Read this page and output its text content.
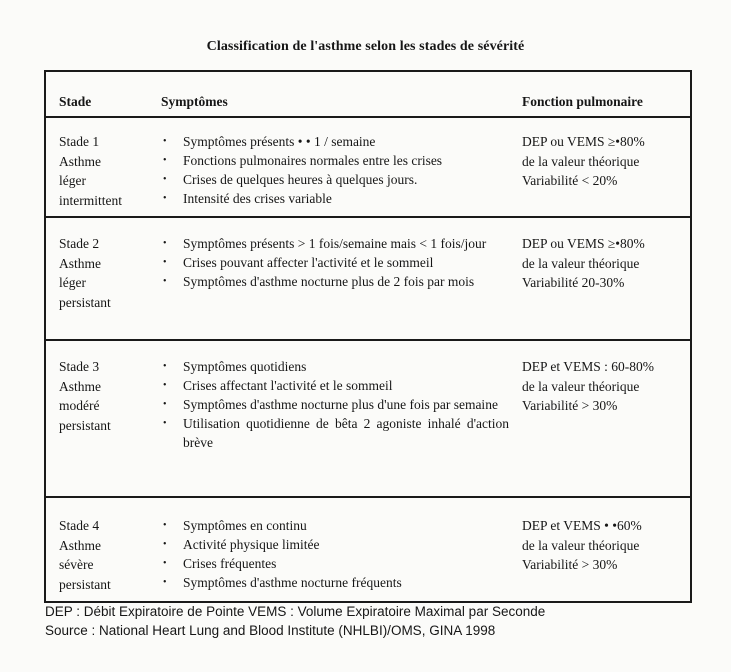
Classification de l'asthme selon les stades de sévérité
Stade	Symptômes	Fonction pulmonaire
Stade 1
Asthme
léger
intermittent
• Symptômes présents • • 1 / semaine
• Fonctions pulmonaires normales entre les crises
• Crises de quelques heures à quelques jours.
• Intensité des crises variable
DEP ou VEMS ≥•80%
de la valeur théorique
Variabilité < 20%
Stade 2
Asthme
léger
persistant
• Symptômes présents > 1 fois/semaine mais < 1 fois/jour
• Crises pouvant affecter l'activité et le sommeil
• Symptômes d'asthme nocturne plus de 2 fois par mois
DEP ou VEMS ≥•80%
de la valeur théorique
Variabilité 20-30%
Stade 3
Asthme
modéré
persistant
• Symptômes quotidiens
• Crises affectant l'activité et le sommeil
• Symptômes d'asthme nocturne plus d'une fois par semaine
• Utilisation quotidienne de bêta 2 agoniste inhalé d'action brève
DEP et VEMS : 60-80%
de la valeur théorique
Variabilité > 30%
Stade 4
Asthme
sévère
persistant
• Symptômes en continu
• Activité physique limitée
• Crises fréquentes
• Symptômes d'asthme nocturne fréquents
DEP et VEMS • •60%
de la valeur théorique
Variabilité > 30%
DEP : Débit Expiratoire de Pointe VEMS : Volume Expiratoire Maximal par Seconde
Source : National Heart Lung and Blood Institute (NHLBI)/OMS, GINA 1998
